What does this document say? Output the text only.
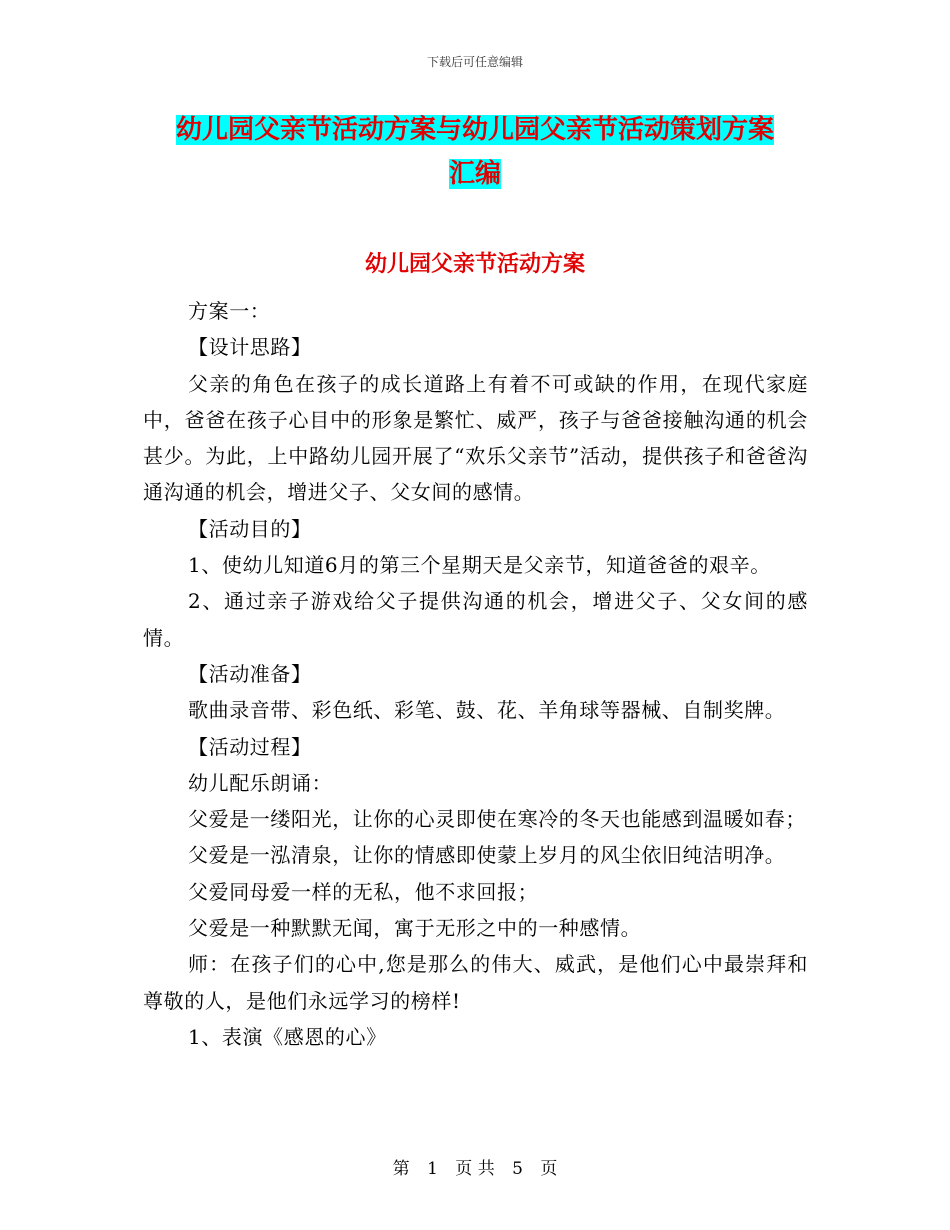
下载后可任意编辑
幼儿园父亲节活动方案与幼儿园父亲节活动策划方案
汇编
幼儿园父亲节活动方案

方案一：

【设计思路】

父亲的角色在孩子的成长道路上有着不可或缺的作用，在现代家庭中，爸爸在孩子心目中的形象是繁忙、威严，孩子与爸爸接触沟通的机会甚少。为此，上中路幼儿园开展了“欢乐父亲节”活动，提供孩子和爸爸沟通沟通的机会，增进父子、父女间的感情。

【活动目的】

1、使幼儿知道6月的第三个星期天是父亲节，知道爸爸的艰辛。

2、通过亲子游戏给父子提供沟通的机会，增进父子、父女间的感情。

【活动准备】

歌曲录音带、彩色纸、彩笔、鼓、花、羊角球等器械、自制奖牌。

【活动过程】

幼儿配乐朗诵：

父爱是一缕阳光，让你的心灵即使在寒冷的冬天也能感到温暖如春；

父爱是一泓清泉，让你的情感即使蒙上岁月的风尘依旧纯洁明净。

父爱同母爱一样的无私，他不求回报；

父爱是一种默默无闻，寓于无形之中的一种感情。

师：在孩子们的心中,您是那么的伟大、威武，是他们心中最崇拜和尊敬的人，是他们永远学习的榜样!

1、表演《感恩的心》

第 1 页 共 5 页
